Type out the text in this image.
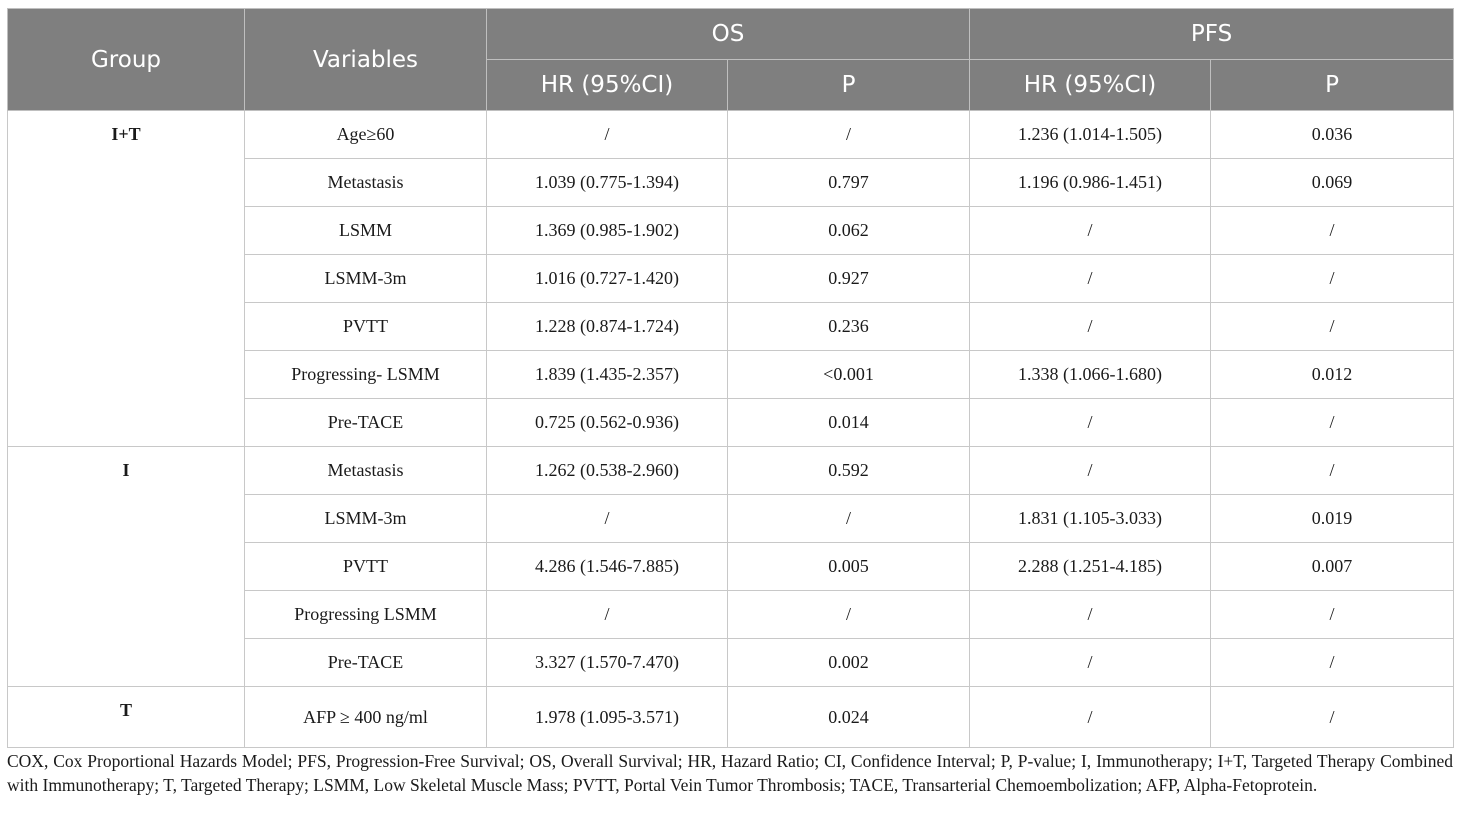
Group	Variables	OS		PFS	
		HR (95%CI)	P	HR (95%CI)	P
I+T	Age≥60	/	/	1.236 (1.014-1.505)	0.036
	Metastasis	1.039 (0.775-1.394)	0.797	1.196 (0.986-1.451)	0.069
	LSMM	1.369 (0.985-1.902)	0.062	/	/
	LSMM-3m	1.016 (0.727-1.420)	0.927	/	/
	PVTT	1.228 (0.874-1.724)	0.236	/	/
	Progressing- LSMM	1.839 (1.435-2.357)	<0.001	1.338 (1.066-1.680)	0.012
	Pre-TACE	0.725 (0.562-0.936)	0.014	/	/
I	Metastasis	1.262 (0.538-2.960)	0.592	/	/
	LSMM-3m	/	/	1.831 (1.105-3.033)	0.019
	PVTT	4.286 (1.546-7.885)	0.005	2.288 (1.251-4.185)	0.007
	Progressing LSMM	/	/	/	/
	Pre-TACE	3.327 (1.570-7.470)	0.002	/	/
T	AFP ≥ 400 ng/ml	1.978 (1.095-3.571)	0.024	/	/

COX, Cox Proportional Hazards Model; PFS, Progression-Free Survival; OS, Overall Survival; HR, Hazard Ratio; CI, Confidence Interval; P, P-value; I, Immunotherapy; I+T, Targeted Therapy Combined with Immunotherapy; T, Targeted Therapy; LSMM, Low Skeletal Muscle Mass; PVTT, Portal Vein Tumor Thrombosis; TACE, Transarterial Chemoembolization; AFP, Alpha-Fetoprotein.
